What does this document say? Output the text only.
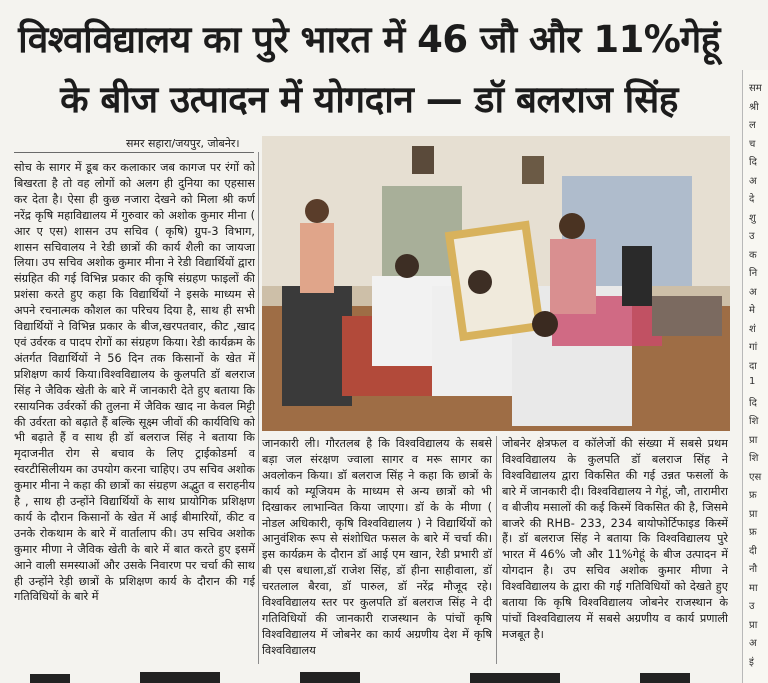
विश्वविद्यालय का पुरे भारत में 46 जौ और 11%गेहूं
के बीज उत्पादन में योगदान — डॉ बलराज सिंह
समर सहारा/जयपुर, जोबनेर।
सोच के सागर में डूब कर कलाकार जब कागज पर रंगों को बिखरता है तो वह लोगों को अलग ही दुनिया का एहसास कर देता है। ऐसा ही कुछ नजारा देखने को मिला श्री कर्ण नरेंद्र कृषि महाविद्यालय में गुरुवार को अशोक कुमार मीना ( आर ए एस) शासन उप सचिव ( कृषि) ग्रुप-3 विभाग, शासन सचिवालय ने रेडी छात्रों की कार्य शैली का जायजा लिया। उप सचिव अशोक कुमार मीना ने रेडी विद्यार्थियों द्वारा संग्रहित की गई विभिन्न प्रकार की कृषि संग्रहण फाइलों की प्रशंसा करते हुए कहा कि विद्यार्थियों ने इसके माध्यम से अपने रचनात्मक कौशल का परिचय दिया है, साथ ही सभी विद्यार्थियों ने विभिन्न प्रकार के बीज,खरपतवार, कीट ,खाद एवं उर्वरक व पादप रोगों का संग्रहण किया। रेडी कार्यक्रम के अंतर्गत विद्यार्थियों ने 56 दिन तक किसानों के खेत में प्रशिक्षण कार्य किया।विश्वविद्यालय के कुलपति डॉ बलराज सिंह ने जैविक खेती के बारे में जानकारी देते हुए बताया कि रसायनिक उर्वरकों की तुलना में जैविक खाद ना केवल मिट्टी की उर्वरता को बढ़ाते हैं बल्कि सूक्ष्म जीवों की कार्यविधि को भी बढ़ाते हैं व साथ ही डॉ बलराज सिंह ने बताया कि मृदाजनीत रोग से बचाव के लिए ट्राईकोडर्मा व स्वरटीसिलीयम का उपयोग करना चाहिए। उप सचिव अशोक कुमार मीना ने कहा की छात्रों का संग्रहण अद्भुत व सराहनीय है , साथ ही उन्होंने विद्यार्थियों के साथ प्रायोगिक प्रशिक्षण कार्य के दौरान किसानों के खेत में आई बीमारियों, कीट व उनके रोकथाम के बारे में वार्तालाप की। उप सचिव अशोक कुमार मीणा ने जैविक खेती के बारे में बात करते हुए इसमें आने वाली समस्याओं और उसके निवारण पर चर्चा की साथ ही उन्होंने रेड़ी छात्रों के प्रशिक्षण कार्य के दौरान की गई गतिविधियों के बारे में
जानकारी ली। गौरतलब है कि विश्वविद्यालय के सबसे बड़ा जल संरक्षण ज्वाला सागर व मरू सागर का अवलोकन किया। डॉ बलराज सिंह ने कहा कि छात्रों के कार्य को म्यूजियम के माध्यम से अन्य छात्रों को भी दिखाकर लाभान्वित किया जाएगा। डॉ के के मीणा ( नोडल अधिकारी, कृषि विश्वविद्यालय ) ने विद्यार्थियों को आनुवंशिक रूप से संशोधित फसल के बारे में चर्चा की। इस कार्यक्रम के दौरान डॉ आई एम खान, रेडी प्रभारी डॉ बी एस बधाला,डॉ राजेश सिंह, डॉ हीना साहीवाला, डॉ चरतलाल बैरवा, डॉ पारुल, डॉ नरेंद्र मौजूद रहे। विश्वविद्यालय स्तर पर कुलपति डॉ बलराज सिंह ने दी गतिविधियों की जानकारी राजस्थान के पांचों कृषि विश्वविद्यालय में जोबनेर का कार्य अग्रणीय देश में कृषि विश्वविद्यालय
जोबनेर क्षेत्रफल व कॉलेजों की संख्या में सबसे प्रथम विश्वविद्यालय के कुलपति डॉ बलराज सिंह ने विश्वविद्यालय द्वारा विकसित की गई उन्नत फसलों के बारे में जानकारी दी। विश्वविद्यालय ने गेहूं, जौ, तारामीरा व बीजीय मसालों की कई किस्में विकसित की है, जिसमे बाजरे की RHB- 233, 234 बायोफोर्टिफाइड किस्में हैं। डॉ बलराज सिंह ने बताया कि विश्वविद्यालय पुरे भारत में 46% जौ और 11%गेहूं के बीज उत्पादन में योगदान है। उप सचिव अशोक कुमार मीणा ने विश्वविद्यालय के द्वारा की गई गतिविधियों को देखते हुए बताया कि कृषि विश्वविद्यालय जोबनेर राजस्थान के पांचों विश्वविद्यालय में सबसे अग्रणीय व कार्य प्रणाली मजबूत है।
सम
श्री
ल
च
दि
अ
दे
शु
उ
क
नि
अ
मे
शं
गां
दा
1
दि
शि
प्रा
शि
एस
फ्र
प्रा
फ्र
दी
नौ
मा
उ
प्रा
अ
इं
